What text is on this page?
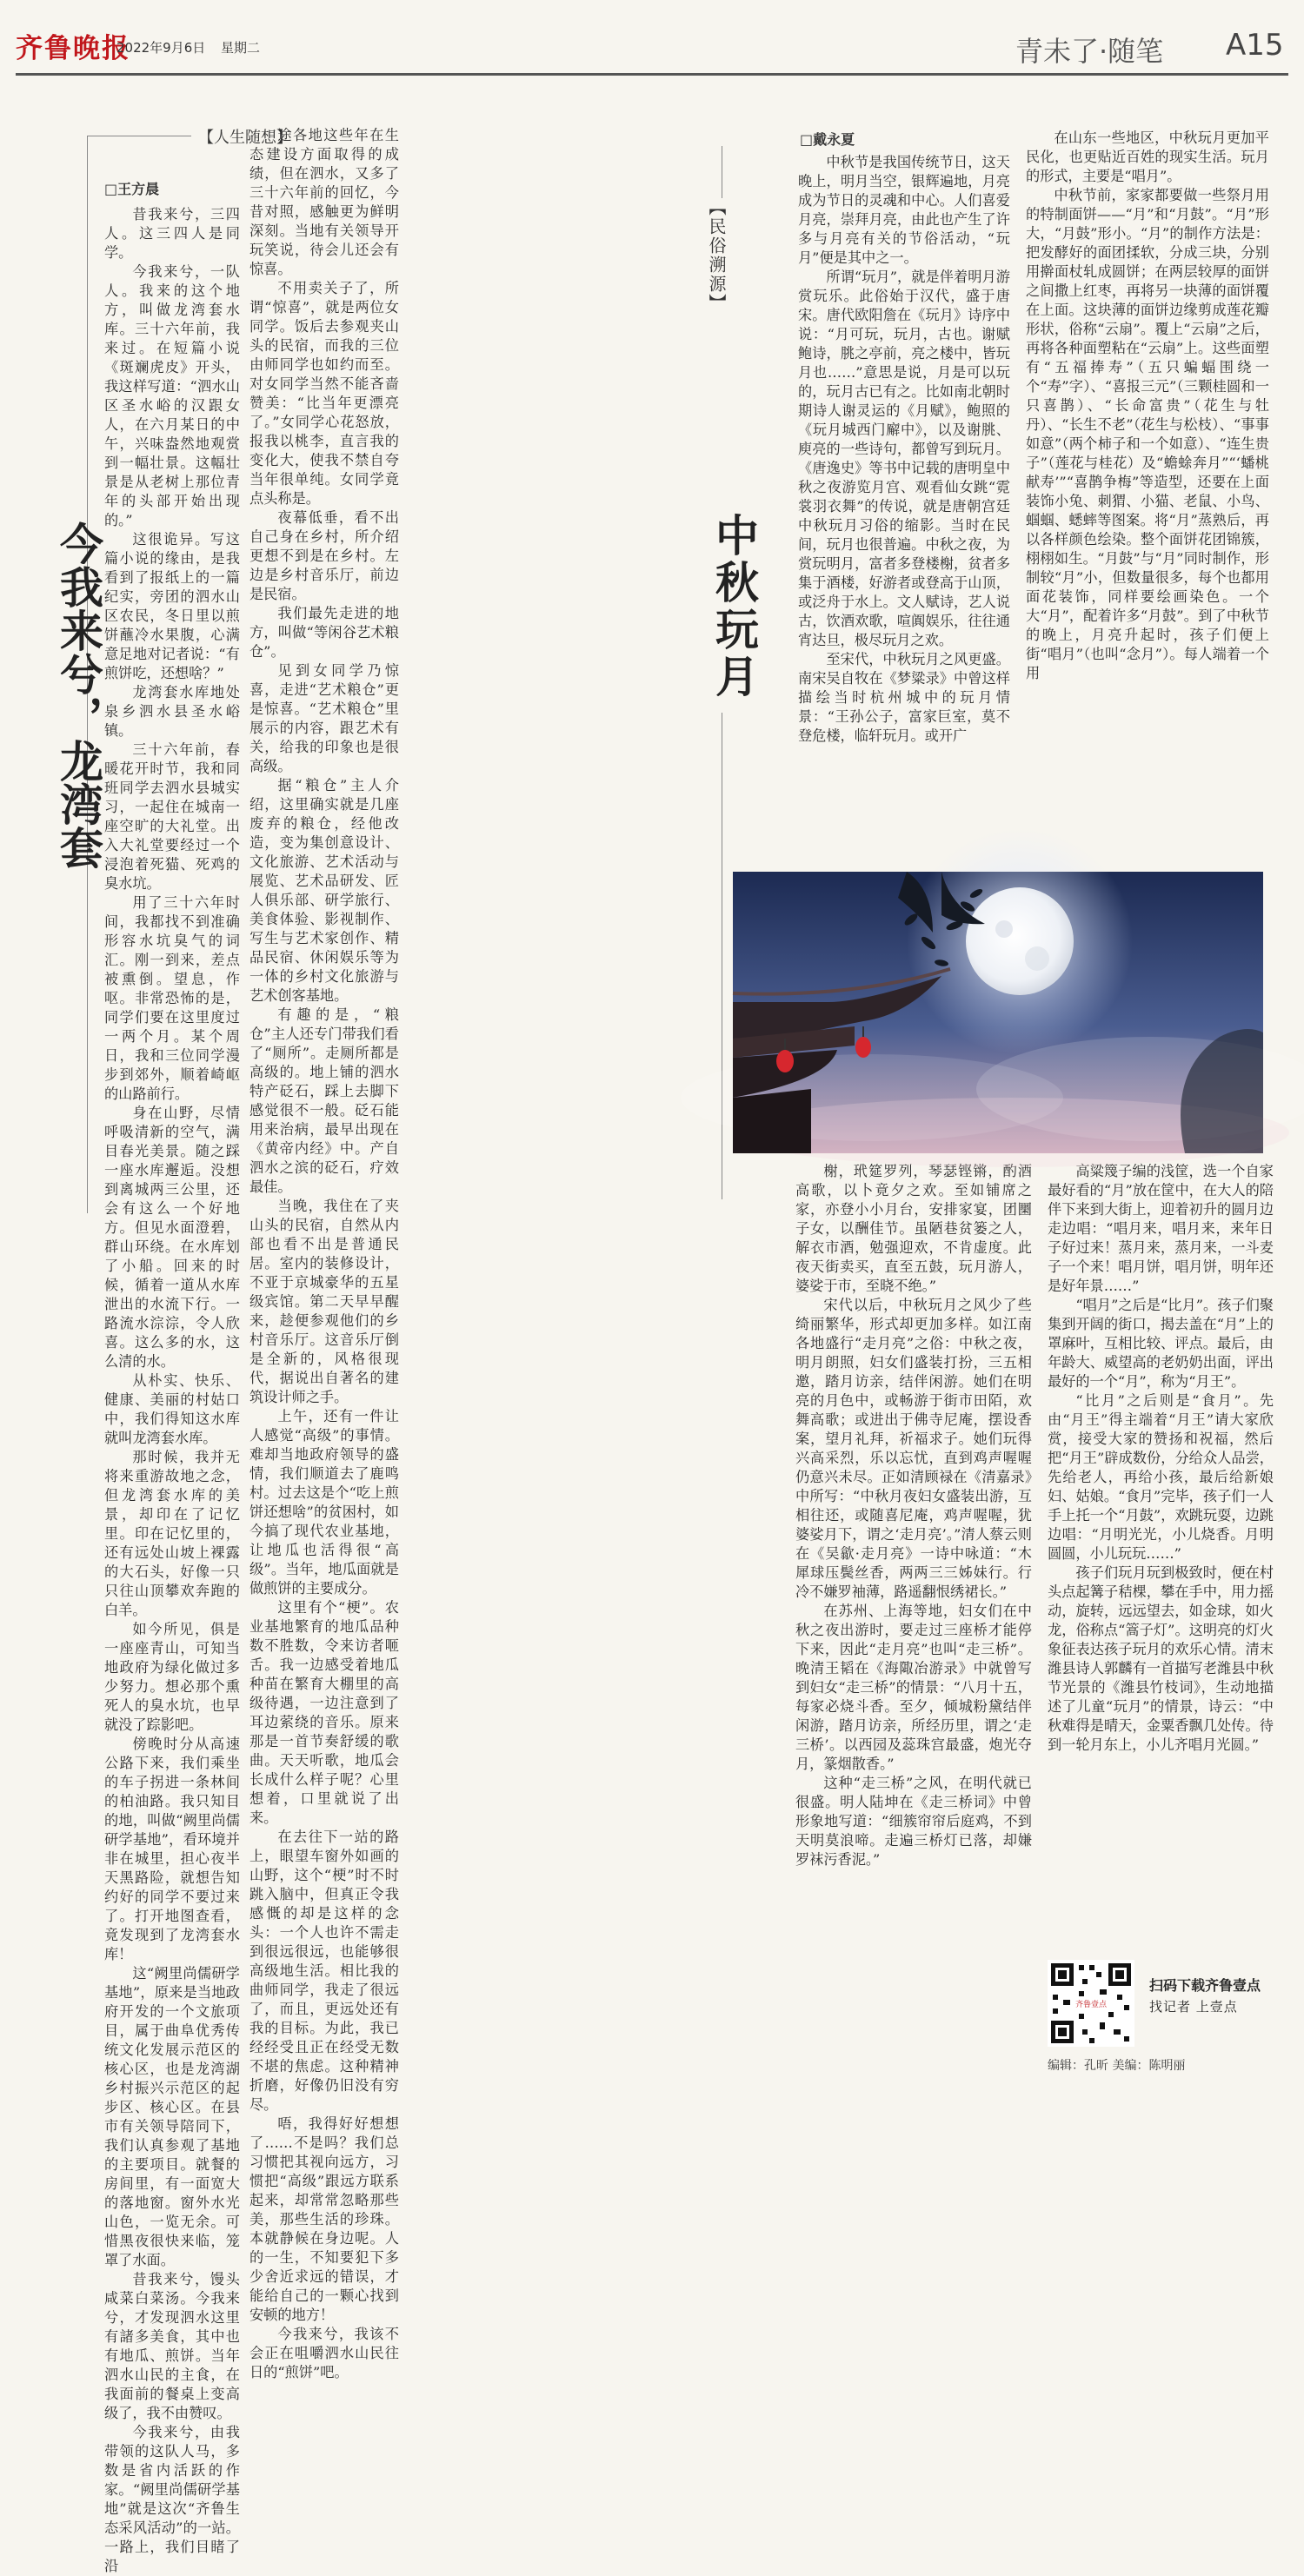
齐鲁晚报
2022年9月6日 星期二	青未了·随笔 A15
【人生随想】
今我来兮，龙湾套
□王方晨

昔我来兮，三四人。这三四人是同学。

今我来兮，一队人。我来的这个地方，叫做龙湾套水库。三十六年前，我来过。在短篇小说《斑斓虎皮》开头，我这样写道：“泗水山区圣水峪的汉跟女人，在六月某日的中午，兴味盎然地观赏到一幅壮景。这幅壮景是从老树上那位青年的头部开始出现的。”

这很诡异。写这篇小说的缘由，是我看到了报纸上的一篇纪实，旁团的泗水山区农民，冬日里以煎饼蘸冷水果腹，心满意足地对记者说：“有煎饼吃，还想啥？”

龙湾套水库地处泉乡泗水县圣水峪镇。

三十六年前，春暖花开时节，我和同班同学去泗水县城实习，一起住在城南一座空旷的大礼堂。出入大礼堂要经过一个浸泡着死猫、死鸡的臭水坑。

用了三十六年时间，我都找不到准确形容水坑臭气的词汇。刚一到来，差点被熏倒。望息，作呕。非常恐怖的是，同学们要在这里度过一两个月。某个周日，我和三位同学漫步到郊外，顺着崎岖的山路前行。

身在山野，尽情呼吸清新的空气，满目春光美景。随之踩一座水库邂逅。没想到离城两三公里，还会有这么一个好地方。但见水面澄碧，群山环绕。在水库划了小船。回来的时候，循着一道从水库泄出的水流下行。一路流水淙淙，令人欣喜。这么多的水，这么清的水。

从朴实、快乐、健康、美丽的村姑口中，我们得知这水库就叫龙湾套水库。

那时候，我并无将来重游故地之念，但龙湾套水库的美景，却印在了记忆里。印在记忆里的，还有远处山坡上裸露的大石头，好像一只只往山顶攀欢奔跑的白羊。

如今所见，俱是一座座青山，可知当地政府为绿化做过多少努力。想必那个熏死人的臭水坑，也早就没了踪影吧。

傍晚时分从高速公路下来，我们乘坐的车子拐进一条林间的柏油路。我只知目的地，叫做“阙里尚儒研学基地”，看环境并非在城里，担心夜半天黑路险，就想告知约好的同学不要过来了。打开地图查看，竟发现到了龙湾套水库！

这“阙里尚儒研学基地”，原来是当地政府开发的一个文旅项目，属于曲阜优秀传统文化发展示范区的核心区，也是龙湾湖乡村振兴示范区的起步区、核心区。在县市有关领导陪同下，我们认真参观了基地的主要项目。就餐的房间里，有一面宽大的落地窗。窗外水光山色，一览无余。可惜黑夜很快来临，笼罩了水面。

昔我来兮，馒头咸菜白菜汤。今我来兮，才发现泗水这里有諸多美食，其中也有地瓜、煎饼。当年泗水山民的主食，在我面前的餐桌上变高级了，我不由赞叹。

今我来兮，由我带领的这队人马，多数是省内活跃的作家。“阙里尚儒研学基地”就是这次“齐鲁生态采风活动”的一站。一路上，我们目睹了沿

途各地这些年在生态建设方面取得的成绩，但在泗水，又多了三十六年前的回忆，今昔对照，感触更为鲜明深刻。当地有关领导开玩笑说，待会儿还会有惊喜。

不用卖关子了，所谓“惊喜”，就是两位女同学。饭后去参观夹山头的民宿，而我的三位由师同学也如约而至。对女同学当然不能吝啬赞美：“比当年更漂亮了。”女同学心花怒放，报我以桃李，直言我的变化大，使我不禁自夸当年很单纯。女同学竟点头称是。

夜幕低垂，看不出自己身在乡村，所介绍更想不到是在乡村。左边是乡村音乐厅，前边是民宿。

我们最先走进的地方，叫做“等闲谷艺术粮仓”。

见到女同学乃惊喜，走进“艺术粮仓”更是惊喜。“艺术粮仓”里展示的内容，跟艺术有关，给我的印象也是很高级。

据“粮仓”主人介绍，这里确实就是几座废弃的粮仓，经他改造，变为集创意设计、文化旅游、艺术活动与展览、艺术品研发、匠人俱乐部、研学旅行、美食体验、影视制作、写生与艺术家创作、精品民宿、休闲娱乐等为一体的乡村文化旅游与艺术创客基地。

有趣的是，“粮仓”主人还专门带我们看了“厕所”。走厕所都是高级的。地上铺的泗水特产砭石，踩上去脚下感觉很不一般。砭石能用来治病，最早出现在《黄帝内经》中。产自泗水之滨的砭石，疗效最佳。

当晚，我住在了夹山头的民宿，自然从内部也看不出是普通民居。室内的装修设计，不亚于京城豪华的五星级宾馆。第二天早早醒来，趁便参观他们的乡村音乐厅。这音乐厅倒是全新的，风格很现代，据说出自著名的建筑设计师之手。

上午，还有一件让人感觉“高级”的事情。难却当地政府领导的盛情，我们顺道去了鹿鸣村。过去这是个“吃上煎饼还想啥”的贫困村，如今搞了现代农业基地，让地瓜也活得很“高级”。当年，地瓜面就是做煎饼的主要成分。

这里有个“梗”。农业基地繁育的地瓜品种数不胜数，令来访者咂舌。我一边感受着地瓜种苗在繁育大棚里的高级待遇，一边注意到了耳边萦绕的音乐。原来那是一首节奏舒缓的歌曲。天天听歌，地瓜会长成什么样子呢？心里想着，口里就说了出来。

在去往下一站的路上，眼望车窗外如画的山野，这个“梗”时不时跳入脑中，但真正令我感慨的却是这样的念头：一个人也许不需走到很远很远，也能够很高级地生活。相比我的曲师同学，我走了很远了，而且，更远处还有我的目标。为此，我已经经受且正在经受无数不堪的焦虑。这种精神折磨，好像仍旧没有穷尽。

唔，我得好好想想了……不是吗？我们总习惯把其视向远方，习惯把“高级”跟远方联系起来，却常常忽略那些美，那些生活的珍珠。本就静候在身边呢。人的一生，不知要犯下多少舍近求远的错误，才能给自己的一颗心找到安顿的地方！

今我来兮，我该不会正在咀嚼泗水山民往日的“煎饼”吧。

□戴永夏
【民俗溯源】
中秋玩月

中秋节是我国传统节日，这天晚上，明月当空，银辉遍地，月亮成为节日的灵魂和中心。人们喜爱月亮，崇拜月亮，由此也产生了许多与月亮有关的节俗活动，“玩月”便是其中之一。

所谓“玩月”，就是伴着明月游赏玩乐。此俗始于汉代，盛于唐宋。唐代欧阳詹在《玩月》诗序中说：“月可玩，玩月，古也。谢赋鲍诗，朓之亭前，亮之楼中，皆玩月也……”意思是说，月是可以玩的，玩月古已有之。比如南北朝时期诗人谢灵运的《月赋》，鲍照的《玩月城西门廨中》，以及谢朓、庾亮的一些诗句，都曾写到玩月。《唐逸史》等书中记载的唐明皇中秋之夜游览月宫、观看仙女跳“霓裳羽衣舞”的传说，就是唐朝宫廷中秋玩月习俗的缩影。当时在民间，玩月也很普遍。中秋之夜，为赏玩明月，富者多登楼榭，贫者多集于酒楼，好游者或登高于山顶，或泛舟于水上。文人赋诗，艺人说古，饮酒欢歌，喧阗娱乐，往往通宵达旦，极尽玩月之欢。

至宋代，中秋玩月之风更盛。南宋吴自牧在《梦粱录》中曾这样描绘当时杭州城中的玩月情景：“王孙公子，富家巨室，莫不登危楼，临轩玩月。或开广

在山东一些地区，中秋玩月更加平民化，也更贴近百姓的现实生活。玩月的形式，主要是“唱月”。

中秋节前，家家都要做一些祭月用的特制面饼——“月”和“月鼓”。“月”形大，“月鼓”形小。“月”的制作方法是：把发酵好的面团揉软，分成三块，分别用擀面杖轧成圆饼；在两层较厚的面饼之间撒上红枣，再将另一块薄的面饼覆在上面。这块薄的面饼边缘剪成莲花瓣形状，俗称“云扇”。覆上“云扇”之后，再将各种面塑粘在“云扇”上。这些面塑有“五福捧寿”（五只蝙蝠围绕一个“寿”字）、“喜报三元”（三颗桂圆和一只喜鹊）、“长命富贵”（花生与牡丹）、“长生不老”（花生与松枝）、“事事如意”（两个柿子和一个如意）、“连生贵子”（莲花与桂花）及“蟾蜍奔月”“‘蟠桃献寿’”“喜鹊争梅”等造型，还要在上面装饰小兔、刺猬、小猫、老鼠、小鸟、蝈蝈、蟋蟀等图案。将“月”蒸熟后，再以各样颜色绘染。整个面饼花团锦簇，栩栩如生。“月鼓”与“月”同时制作，形制较“月”小，但数量很多，每个也都用面花装饰，同样要绘画染色。一个大“月”，配着许多“月鼓”。到了中秋节的晚上，月亮升起时，孩子们便上街“唱月”（也叫“念月”）。每人端着一个用

榭，玳筵罗列，琴瑟铿锵，酌酒高歌，以卜竟夕之欢。至如铺席之家，亦登小小月台，安排家宴，团圞子女，以酬佳节。虽陋巷贫篓之人，解衣市酒，勉强迎欢，不肯虚度。此夜天街卖买，直至五鼓，玩月游人，婆娑于市，至晓不绝。”

宋代以后，中秋玩月之风少了些绮丽繁华，形式却更加多样。如江南各地盛行“走月亮”之俗：中秋之夜，明月朗照，妇女们盛装打扮，三五相邀，踏月访亲，结伴闲游。她们在明亮的月色中，或畅游于街市田陌，欢舞高歌；或进出于佛寺尼庵，摆设香案，望月礼拜，祈福求子。她们玩得兴高采烈，乐以忘忧，直到鸡声喔喔仍意兴未尽。正如清顾禄在《清嘉录》中所写：“中秋月夜妇女盛装出游，互相往还，或随喜尼庵，鸡声喔喔，犹婆娑月下，谓之‘走月亮’。”清人蔡云则在《吴歙·走月亮》一诗中咏道：“木犀球压鬓丝香，两两三三姊妹行。行冷不嫌罗袖薄，路遥翻恨绣裙长。”

在苏州、上海等地，妇女们在中秋之夜出游时，要走过三座桥才能停下来，因此“走月亮”也叫“走三桥”。晚清王韬在《海陬冶游录》中就曾写到妇女“走三桥”的情景：“八月十五，每家必烧斗香。至夕，倾城粉黛结伴闲游，踏月访亲，所经历里，谓之‘走三桥’。以西园及蕊珠宫最盛，炮光夺月，篆烟散香。”

这种“走三桥”之风，在明代就已很盛。明人陆坤在《走三桥词》中曾形象地写道：“细簇帘帘后庭鸡，不到天明莫浪啼。走遍三桥灯已落，却嫌罗袜污香泥。”

高粱篾子编的浅筐，选一个自家最好看的“月”放在筐中，在大人的陪伴下来到大街上，迎着初升的圆月边走边唱：“唱月来，唱月来，来年日子好过来！蒸月来，蒸月来，一斗麦子一个来！唱月饼，唱月饼，明年还是好年景……”

“唱月”之后是“比月”。孩子们聚集到开阔的街口，揭去盖在“月”上的罩麻叶，互相比较、评点。最后，由年龄大、威望高的老奶奶出面，评出最好的一个“月”，称为“月王”。

“比月”之后则是“食月”。先由“月王”得主端着“月王”请大家欣赏，接受大家的赞扬和祝福，然后把“月王”辟成数份，分给众人品尝，先给老人，再给小孩，最后给新娘妇、姑娘。“食月”完毕，孩子们一人手上托一个“月鼓”，欢跳玩耍，边跳边唱：“月明光光，小儿烧香。月明圆圆，小儿玩玩……”

孩子们玩月玩到极致时，便在村头点起篝子秸棵，攀在手中，用力摇动，旋转，远远望去，如金球，如火龙，俗称点“篙子灯”。这明亮的灯火象征表达孩子玩月的欢乐心情。清末潍县诗人郭麟有一首描写老潍县中秋节光景的《潍县竹枝词》，生动地描述了儿童“玩月”的情景，诗云：“中秋难得是晴天，金粟香飘几处传。待到一轮月东上，小儿齐唱月光圆。”

齐鲁壹点
扫码下载齐鲁壹点
找记者 上壹点
编辑：孔昕 美编：陈明丽
